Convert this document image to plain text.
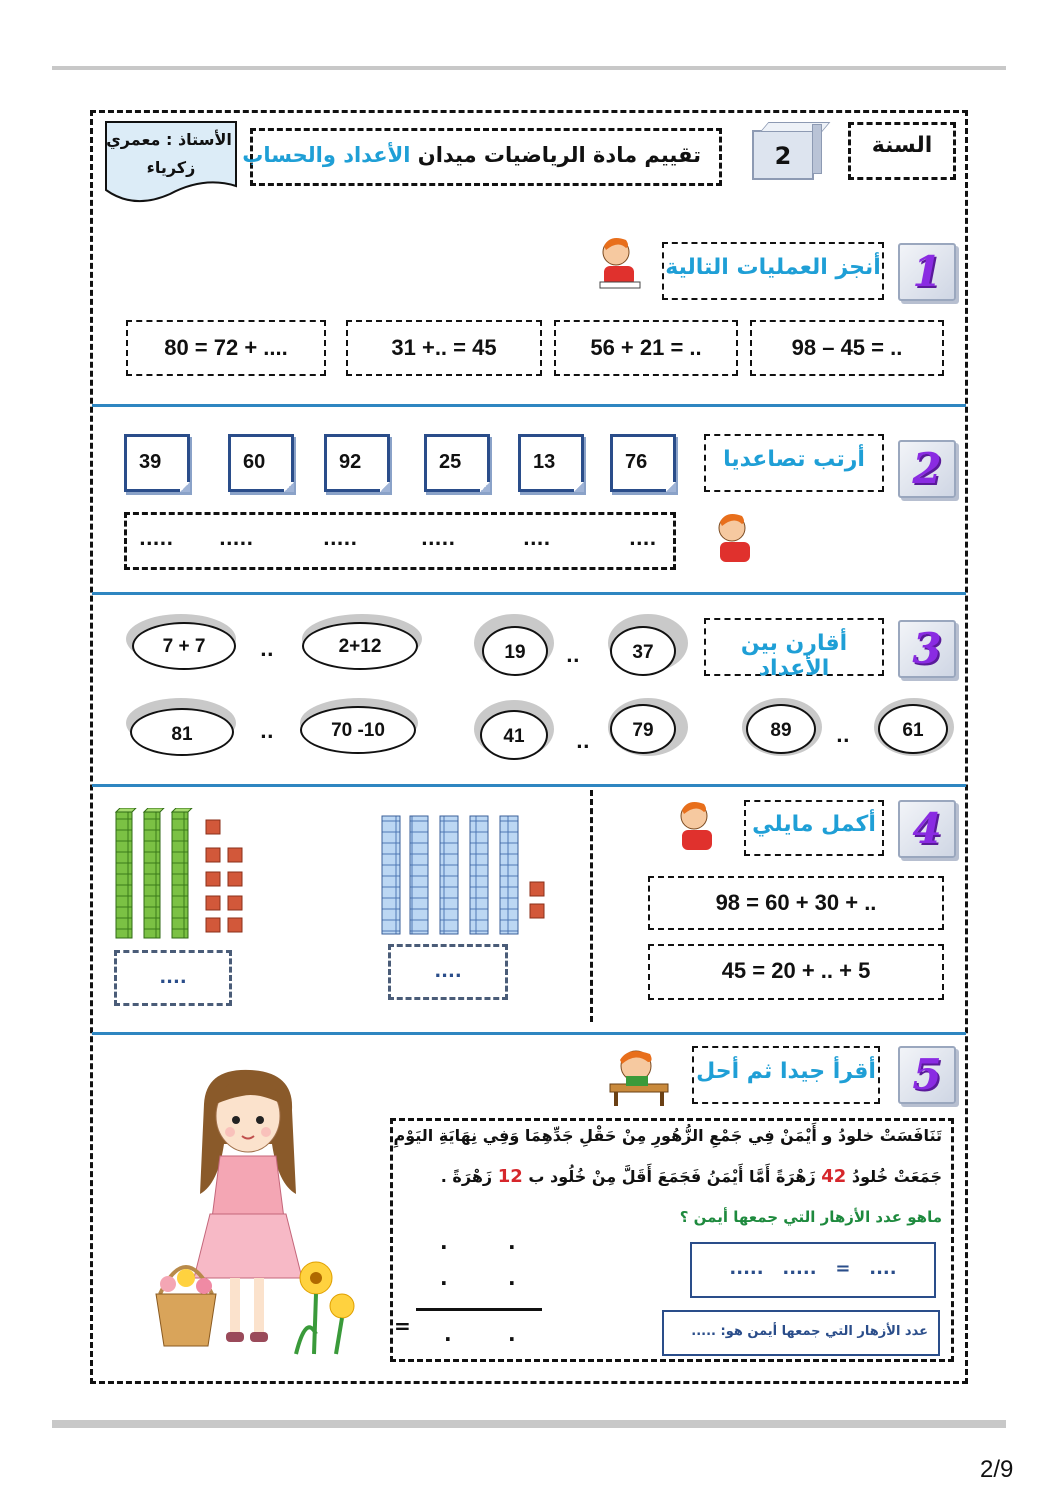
السنة
2
تقييم مادة الرياضيات ميدان الأعداد والحساب
الأستاذ : معمري
زكرياء
1
أنجز العمليات التالية
98 – 45 = ..
56 + 21 = ..
31 +.. = 45
80 = 72 + ....
2
أرتب تصاعديا
76
13
25
92
60
39
....
....
.....
.....
.....
.....
3
أقارن بين الأعداد
7 + 7	..	2+12	19	..	37
81	..	70 -10	41	..
79	89	..	61
4
أكمل مايلي
98 = 60 + 30 + ..
45 = 20 + .. + 5
....	....
5
أقرأ جيدا ثم أحل
تَنَافَسَتْ خلودُ و أَيْمَنْ فِي جَمْعِ الزُّهُورِ مِنْ حَقْلِ جَدِّهِمَا وَفِي نِهَايَةِ اليَوْمِ
جَمَعَتْ خُلودُ 42 زَهْرَةً أَمَّا أَيْمَنُ فَجَمَعَ أَقَلَّ مِنْ خُلُود ب 12 زَهْرَةً .
ماهو عدد الأزهار التي جمعها أيمن ؟
.....   .....   =   ....
عدد الأزهار التي جمعها أيمن هو: .....
.	.
.	.
= .	.
2/9
